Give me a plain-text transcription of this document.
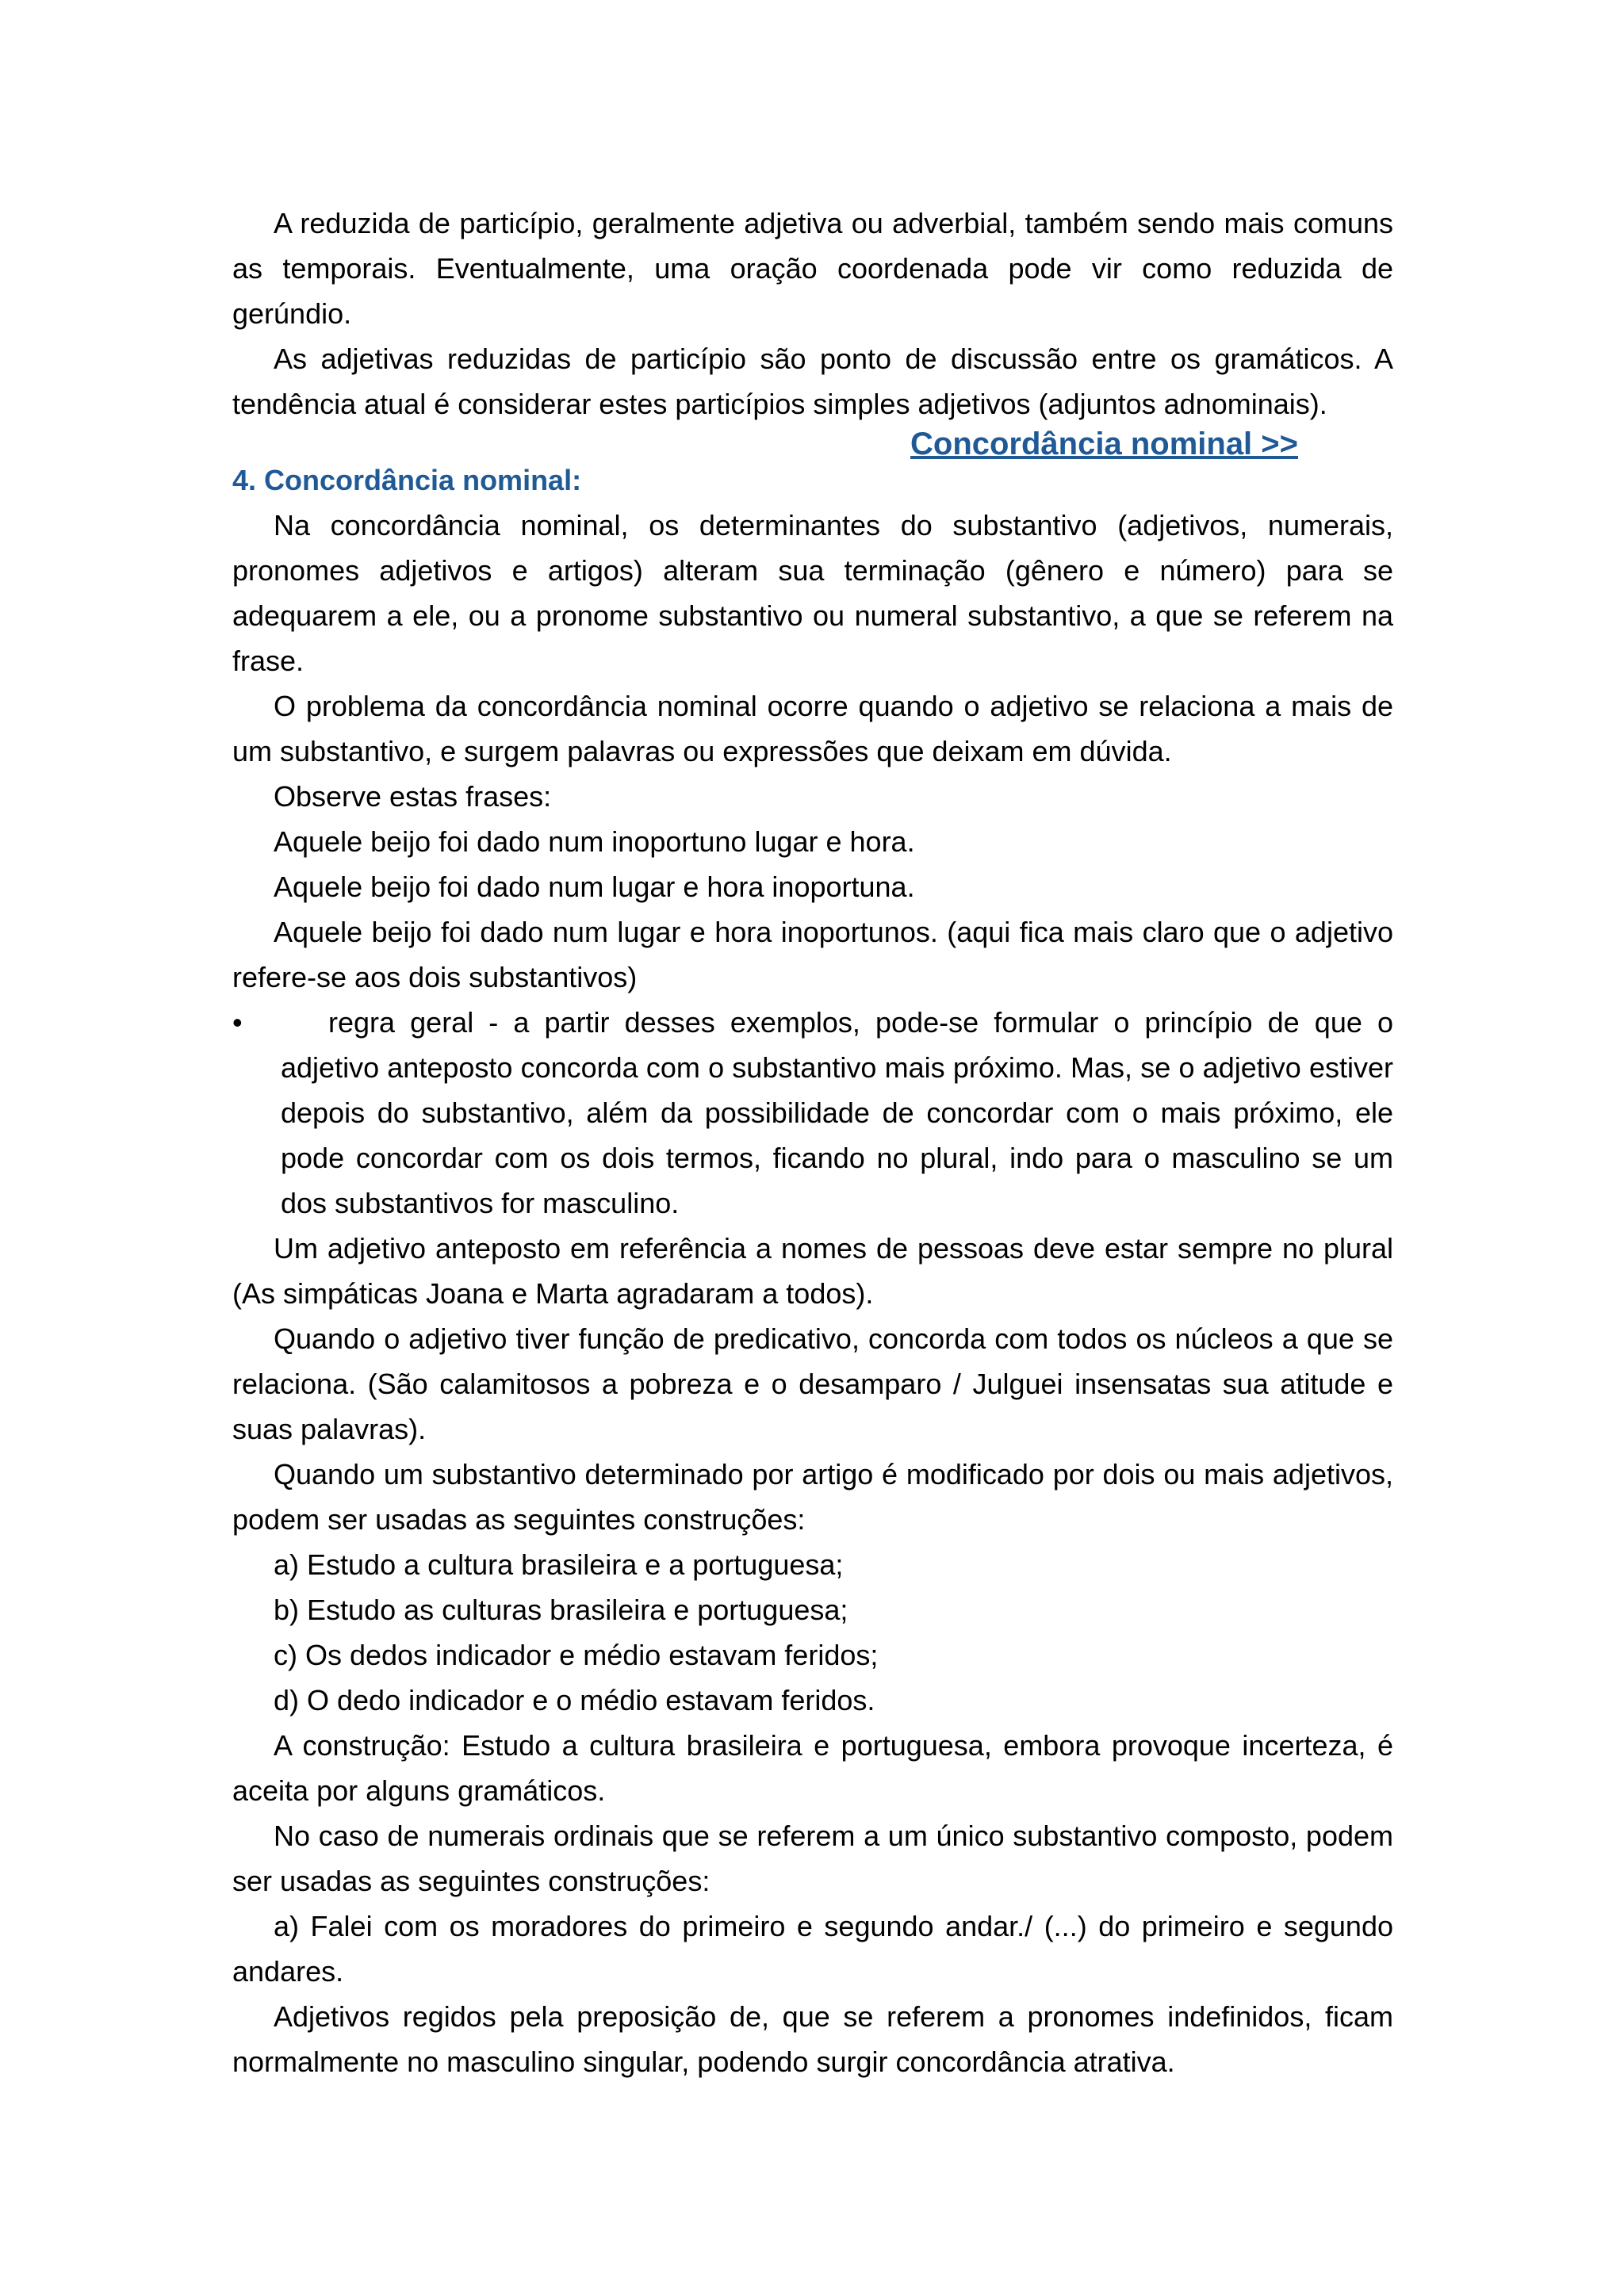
A reduzida de particípio, geralmente adjetiva ou adverbial, também sendo mais comuns as temporais. Eventualmente, uma oração coordenada pode vir como reduzida de gerúndio.

As adjetivas reduzidas de particípio são ponto de discussão entre os gramáticos. A tendência atual é considerar estes particípios simples adjetivos (adjuntos adnominais).

Concordância nominal >>
4. Concordância nominal:

Na concordância nominal, os determinantes do substantivo (adjetivos, numerais, pronomes adjetivos e artigos) alteram sua terminação (gênero e número) para se adequarem a ele, ou a pronome substantivo ou numeral substantivo, a que se referem na frase.

O problema da concordância nominal ocorre quando o adjetivo se relaciona a mais de um substantivo, e surgem palavras ou expressões que deixam em dúvida.

Observe estas frases:

Aquele beijo foi dado num inoportuno lugar e hora.

Aquele beijo foi dado num lugar e hora inoportuna.

Aquele beijo foi dado num lugar e hora inoportunos. (aqui fica mais claro que o adjetivo refere-se aos dois substantivos)

•	regra geral - a partir desses exemplos, pode-se formular o princípio de que o adjetivo anteposto concorda com o substantivo mais próximo. Mas, se o adjetivo estiver depois do substantivo, além da possibilidade de concordar com o mais próximo, ele pode concordar com os dois termos, ficando no plural, indo para o masculino se um dos substantivos for masculino.

Um adjetivo anteposto em referência a nomes de pessoas deve estar sempre no plural (As simpáticas Joana e Marta agradaram a todos).

Quando o adjetivo tiver função de predicativo, concorda com todos os núcleos a que se relaciona. (São calamitosos a pobreza e o desamparo / Julguei insensatas sua atitude e suas palavras).

Quando um substantivo determinado por artigo é modificado por dois ou mais adjetivos, podem ser usadas as seguintes construções:

a) Estudo a cultura brasileira e a portuguesa;

b) Estudo as culturas brasileira e portuguesa;

c) Os dedos indicador e médio estavam feridos;

d) O dedo indicador e o médio estavam feridos.

A construção: Estudo a cultura brasileira e portuguesa, embora provoque incerteza, é aceita por alguns gramáticos.

No caso de numerais ordinais que se referem a um único substantivo composto, podem ser usadas as seguintes construções:

a) Falei com os moradores do primeiro e segundo andar./ (...) do primeiro e segundo andares.

Adjetivos regidos pela preposição de, que se referem a pronomes indefinidos, ficam normalmente no masculino singular, podendo surgir concordância atrativa.
